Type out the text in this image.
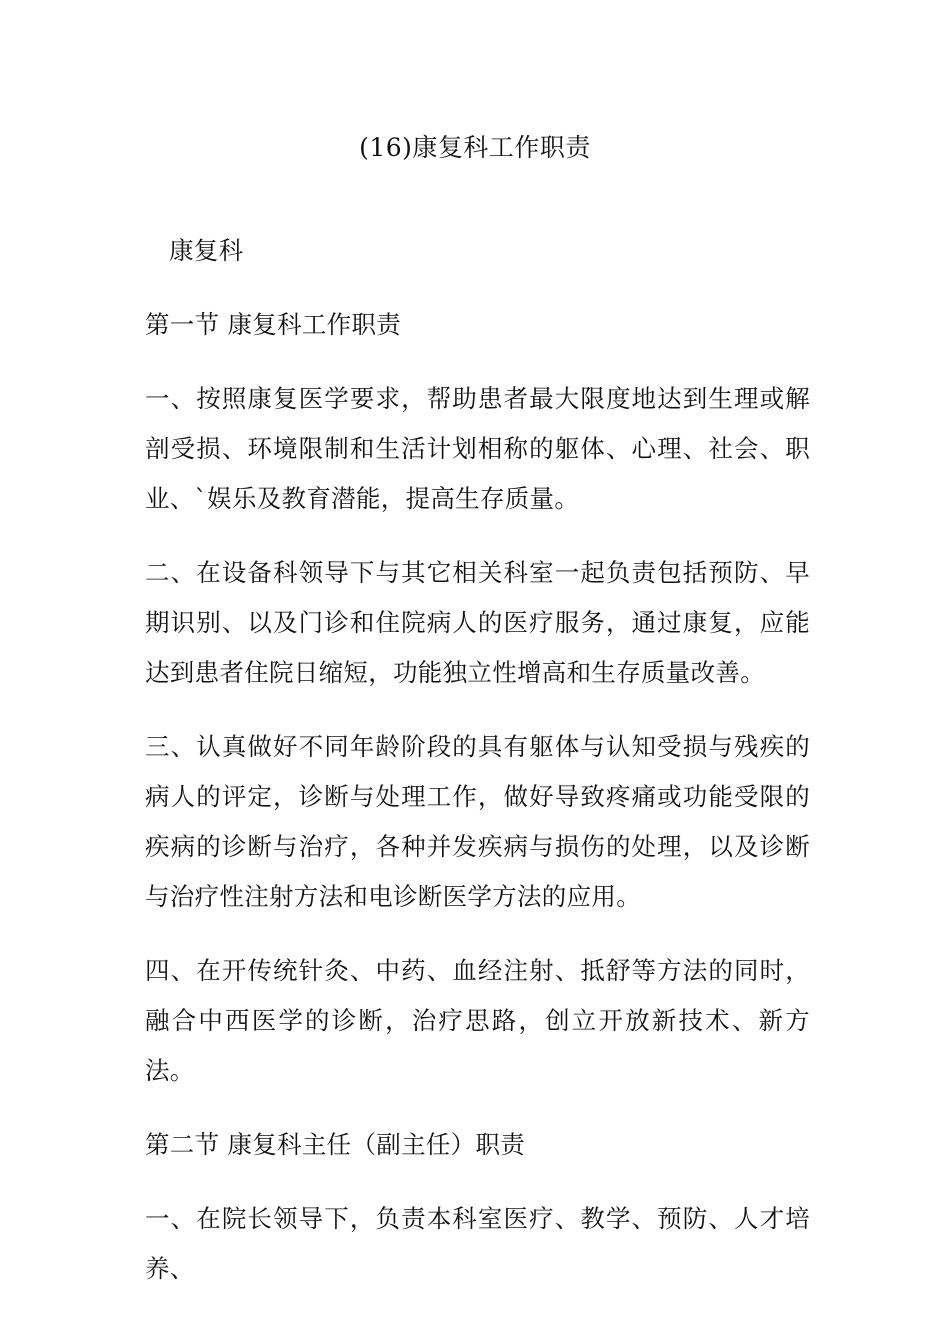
(16)康复科工作职责

康复科

第一节 康复科工作职责

一、按照康复医学要求，帮助患者最大限度地达到生理或解剖受损、环境限制和生活计划相称的躯体、心理、社会、职业、`娱乐及教育潜能，提高生存质量。

二、在设备科领导下与其它相关科室一起负责包括预防、早期识别、以及门诊和住院病人的医疗服务，通过康复，应能达到患者住院日缩短，功能独立性增高和生存质量改善。

三、认真做好不同年龄阶段的具有躯体与认知受损与残疾的病人的评定，诊断与处理工作，做好导致疼痛或功能受限的疾病的诊断与治疗，各种并发疾病与损伤的处理，以及诊断与治疗性注射方法和电诊断医学方法的应用。

四、在开传统针灸、中药、血经注射、抵舒等方法的同时，融合中西医学的诊断，治疗思路，创立开放新技术、新方法。

第二节 康复科主任（副主任）职责

一、在院长领导下，负责本科室医疗、教学、预防、人才培养、
